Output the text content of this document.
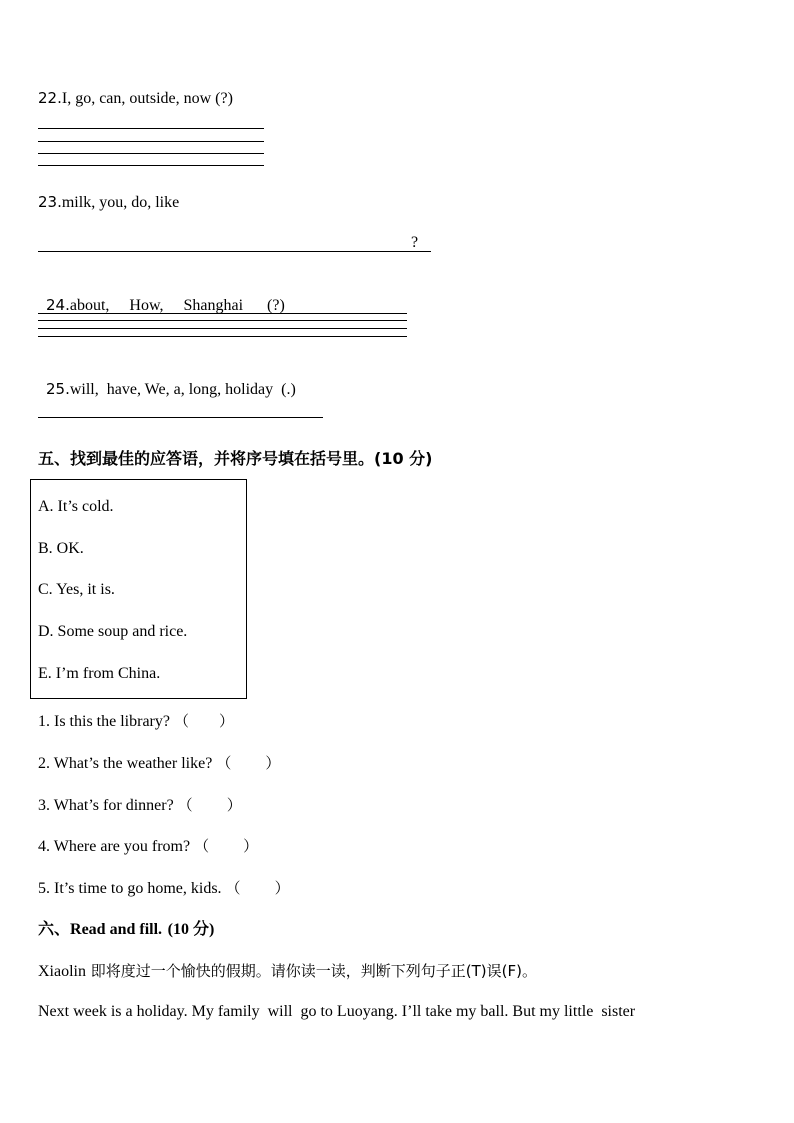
22.I, go, can, outside, now (?)
23.milk, you, do, like
?

24.about,     How,     Shanghai      (?)

25.will,  have, We, a, long, holiday  (.)

五、找到最佳的应答语，并将序号填在括号里。(10 分)
A. It’s cold.
B. OK.
C. Yes, it is.
D. Some soup and rice.
E. I’m from China.
1. Is this the library? （ ）
2. What’s the weather like? （ ）
3. What’s for dinner? （ ）
4. Where are you from? （ ）
5. It’s time to go home, kids. （ ）
六、Read and fill. (10 分)
Xiaolin 即将度过一个愉快的假期。请你读一读，判断下列句子正(T)误(F)。
Next week is a holiday. My family  will  go to Luoyang. I’ll take my ball. But my little  sister
